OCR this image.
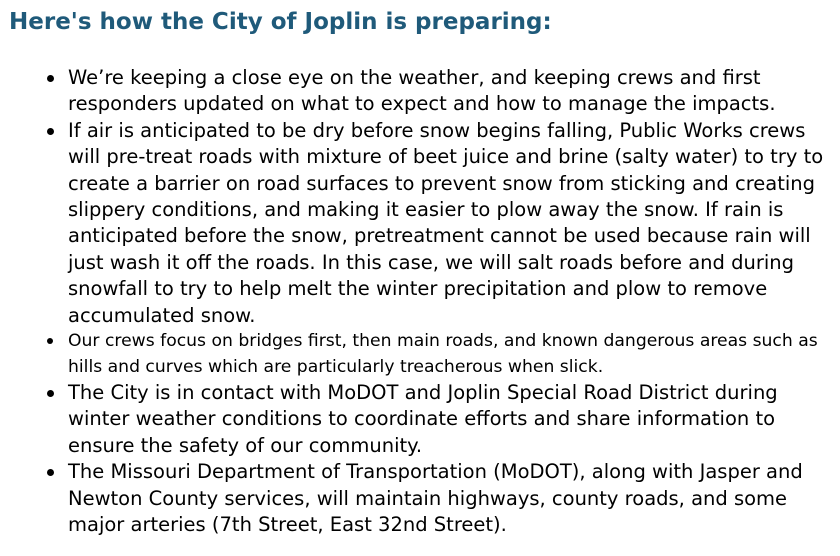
Here's how the City of Joplin is preparing:
We’re keeping a close eye on the weather, and keeping crews and first responders updated on what to expect and how to manage the impacts.
If air is anticipated to be dry before snow begins falling, Public Works crews will pre-treat roads with mixture of beet juice and brine (salty water) to try to create a barrier on road surfaces to prevent snow from sticking and creating slippery conditions, and making it easier to plow away the snow. If rain is anticipated before the snow, pretreatment cannot be used because rain will just wash it off the roads. In this case, we will salt roads before and during snowfall to try to help melt the winter precipitation and plow to remove accumulated snow.
Our crews focus on bridges first, then main roads, and known dangerous areas such as hills and curves which are particularly treacherous when slick.
The City is in contact with MoDOT and Joplin Special Road District during winter weather conditions to coordinate efforts and share information to ensure the safety of our community.
The Missouri Department of Transportation (MoDOT), along with Jasper and Newton County services, will maintain highways, county roads, and some major arteries (7th Street, East 32nd Street).
